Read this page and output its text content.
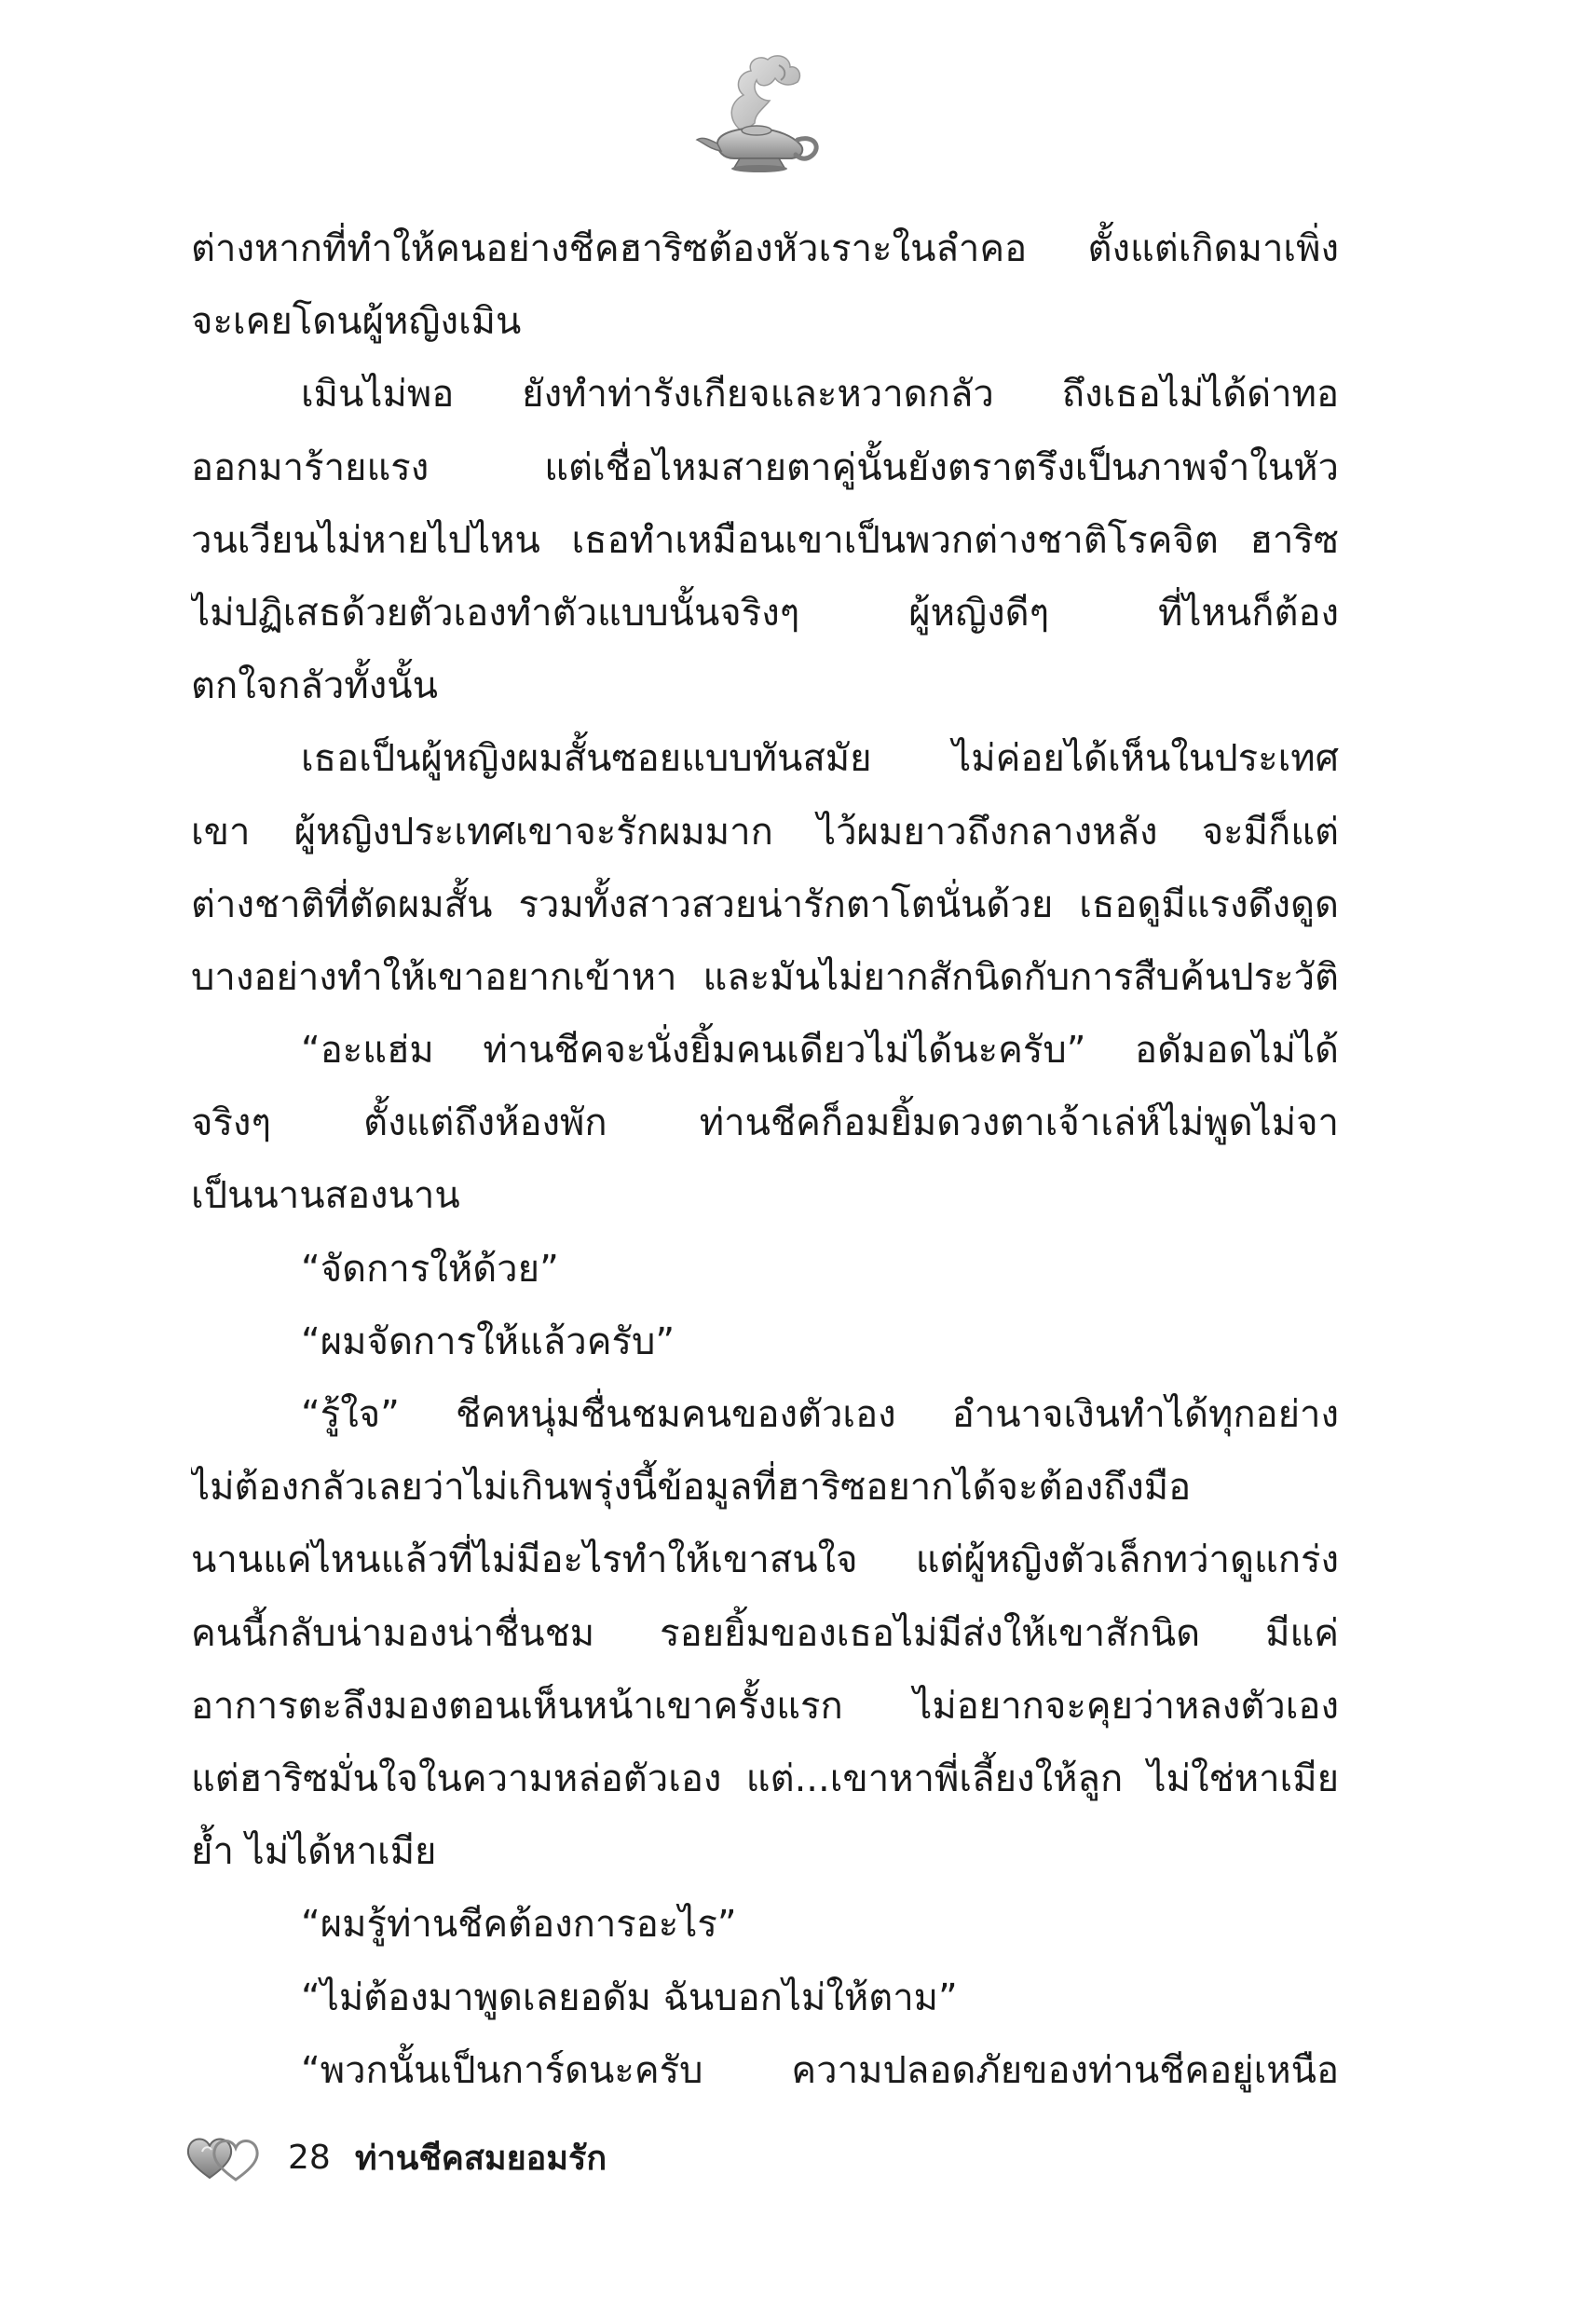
ต่างหากที่ทำให้คนอย่างชีคฮาริซต้องหัวเราะในลำคอ ตั้งแต่เกิดมาเพิ่ง
จะเคยโดนผู้หญิงเมิน
เมินไม่พอ ยังทำท่ารังเกียจและหวาดกลัว ถึงเธอไม่ได้ด่าทอ
ออกมาร้ายแรง แต่เชื่อไหมสายตาคู่นั้นยังตราตรึงเป็นภาพจำในหัว
วนเวียนไม่หายไปไหน เธอทำเหมือนเขาเป็นพวกต่างชาติโรคจิต ฮาริซ
ไม่ปฏิเสธด้วยตัวเองทำตัวแบบนั้นจริงๆ ผู้หญิงดีๆ ที่ไหนก็ต้อง
ตกใจกลัวทั้งนั้น
เธอเป็นผู้หญิงผมสั้นซอยแบบทันสมัย ไม่ค่อยได้เห็นในประเทศ
เขา ผู้หญิงประเทศเขาจะรักผมมาก ไว้ผมยาวถึงกลางหลัง จะมีก็แต่
ต่างชาติที่ตัดผมสั้น รวมทั้งสาวสวยน่ารักตาโตนั่นด้วย เธอดูมีแรงดึงดูด
บางอย่างทำให้เขาอยากเข้าหา และมันไม่ยากสักนิดกับการสืบค้นประวัติ
“อะแฮ่ม ท่านชีคจะนั่งยิ้มคนเดียวไม่ได้นะครับ” อดัมอดไม่ได้
จริงๆ ตั้งแต่ถึงห้องพัก ท่านชีคก็อมยิ้มดวงตาเจ้าเล่ห์ไม่พูดไม่จา
เป็นนานสองนาน
“จัดการให้ด้วย”
“ผมจัดการให้แล้วครับ”
“รู้ใจ” ชีคหนุ่มชื่นชมคนของตัวเอง อำนาจเงินทำได้ทุกอย่าง
ไม่ต้องกลัวเลยว่าไม่เกินพรุ่งนี้ข้อมูลที่ฮาริซอยากได้จะต้องถึงมือ
นานแค่ไหนแล้วที่ไม่มีอะไรทำให้เขาสนใจ แต่ผู้หญิงตัวเล็กทว่าดูแกร่ง
คนนี้กลับน่ามองน่าชื่นชม รอยยิ้มของเธอไม่มีส่งให้เขาสักนิด มีแค่
อาการตะลึงมองตอนเห็นหน้าเขาครั้งแรก ไม่อยากจะคุยว่าหลงตัวเอง
แต่ฮาริซมั่นใจในความหล่อตัวเอง แต่...เขาหาพี่เลี้ยงให้ลูก ไม่ใช่หาเมีย
ย้ำ ไม่ได้หาเมีย
“ผมรู้ท่านชีคต้องการอะไร”
“ไม่ต้องมาพูดเลยอดัม ฉันบอกไม่ให้ตาม”
“พวกนั้นเป็นการ์ดนะครับ ความปลอดภัยของท่านชีคอยู่เหนือ
28 ท่านชีคสมยอมรัก
